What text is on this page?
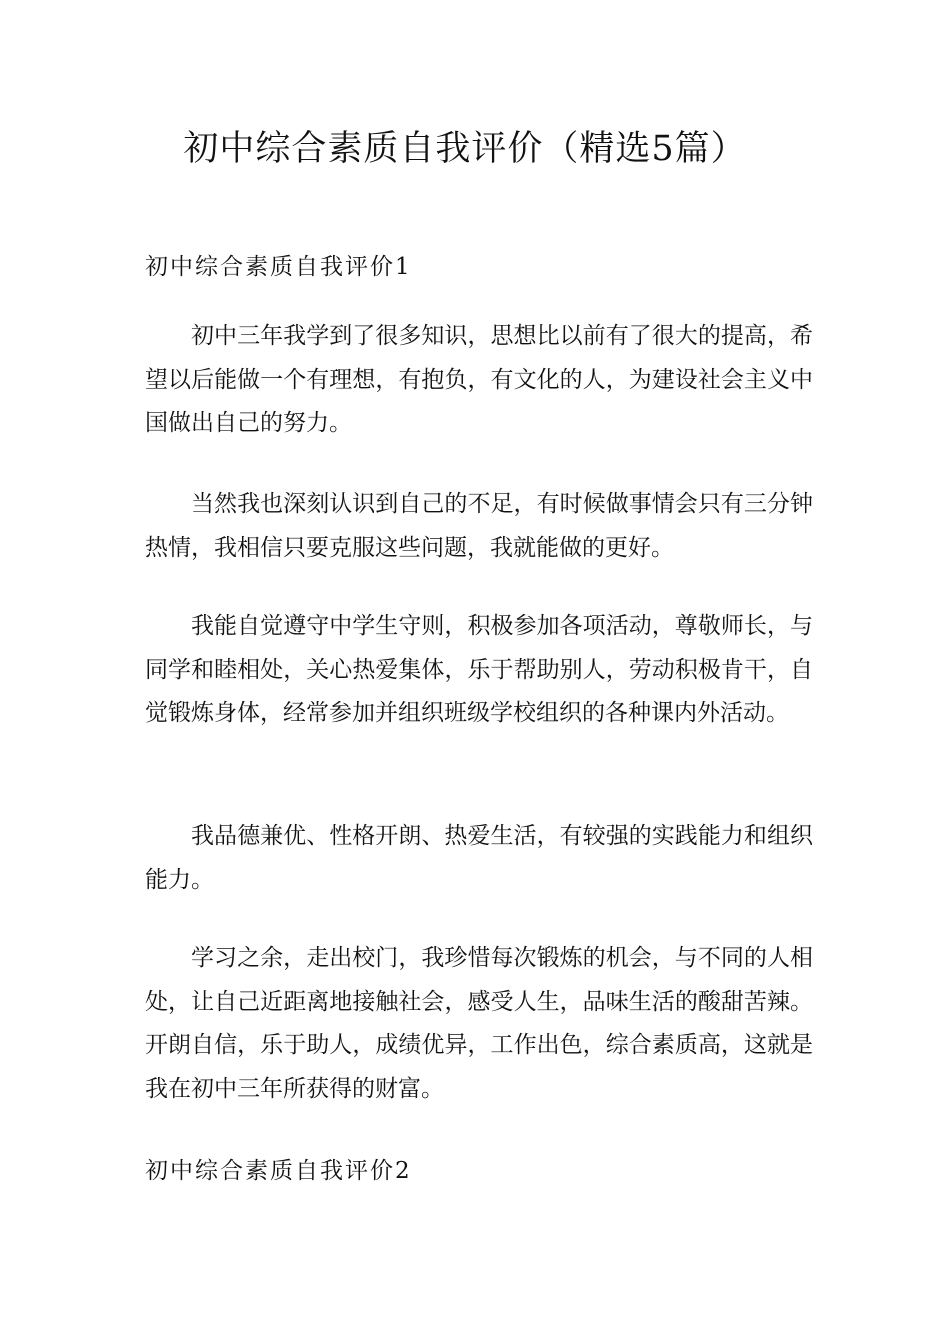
初中综合素质自我评价（精选5篇）
初中综合素质自我评价1

初中三年我学到了很多知识，思想比以前有了很大的提高，希望以后能做一个有理想，有抱负，有文化的人，为建设社会主义中国做出自己的努力。

当然我也深刻认识到自己的不足，有时候做事情会只有三分钟热情，我相信只要克服这些问题，我就能做的更好。

我能自觉遵守中学生守则，积极参加各项活动，尊敬师长，与同学和睦相处，关心热爱集体，乐于帮助别人，劳动积极肯干，自觉锻炼身体，经常参加并组织班级学校组织的各种课内外活动。

我品德兼优、性格开朗、热爱生活，有较强的实践能力和组织能力。

学习之余，走出校门，我珍惜每次锻炼的机会，与不同的人相处，让自己近距离地接触社会，感受人生，品味生活的酸甜苦辣。开朗自信，乐于助人，成绩优异，工作出色，综合素质高，这就是我在初中三年所获得的财富。

初中综合素质自我评价2
